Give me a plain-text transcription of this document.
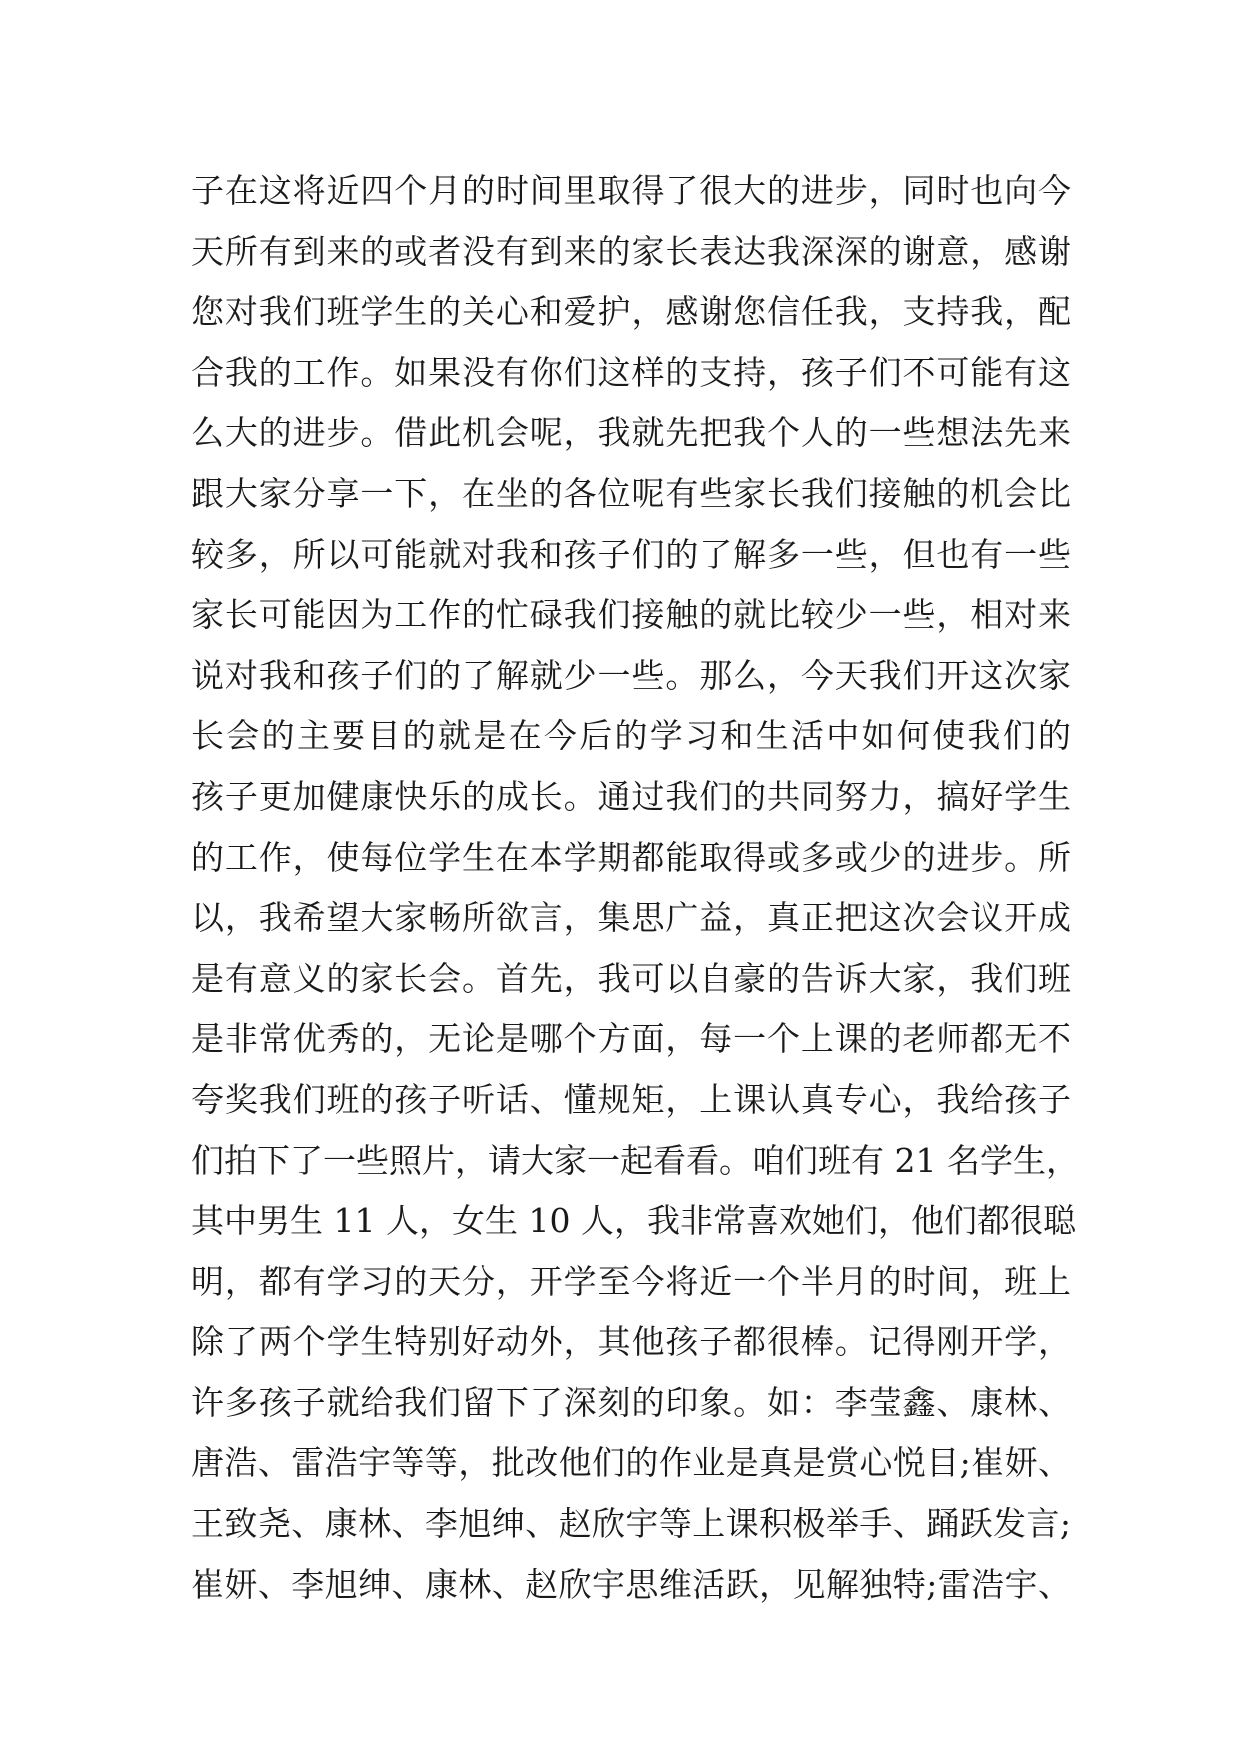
子在这将近四个月的时间里取得了很大的进步，同时也向今
天所有到来的或者没有到来的家长表达我深深的谢意，感谢
您对我们班学生的关心和爱护，感谢您信任我，支持我，配
合我的工作。如果没有你们这样的支持，孩子们不可能有这
么大的进步。借此机会呢，我就先把我个人的一些想法先来
跟大家分享一下，在坐的各位呢有些家长我们接触的机会比
较多，所以可能就对我和孩子们的了解多一些，但也有一些
家长可能因为工作的忙碌我们接触的就比较少一些，相对来
说对我和孩子们的了解就少一些。那么，今天我们开这次家
长会的主要目的就是在今后的学习和生活中如何使我们的
孩子更加健康快乐的成长。通过我们的共同努力，搞好学生
的工作，使每位学生在本学期都能取得或多或少的进步。所
以，我希望大家畅所欲言，集思广益，真正把这次会议开成
是有意义的家长会。首先，我可以自豪的告诉大家，我们班
是非常优秀的，无论是哪个方面，每一个上课的老师都无不
夸奖我们班的孩子听话、懂规矩，上课认真专心，我给孩子
们拍下了一些照片，请大家一起看看。咱们班有 21 名学生，
其中男生 11 人，女生 10 人，我非常喜欢她们，他们都很聪
明，都有学习的天分，开学至今将近一个半月的时间，班上
除了两个学生特别好动外，其他孩子都很棒。记得刚开学，
许多孩子就给我们留下了深刻的印象。如：李莹鑫、康林、
唐浩、雷浩宇等等，批改他们的作业是真是赏心悦目;崔妍、
王致尧、康林、李旭绅、赵欣宇等上课积极举手、踊跃发言;
崔妍、李旭绅、康林、赵欣宇思维活跃，见解独特;雷浩宇、
